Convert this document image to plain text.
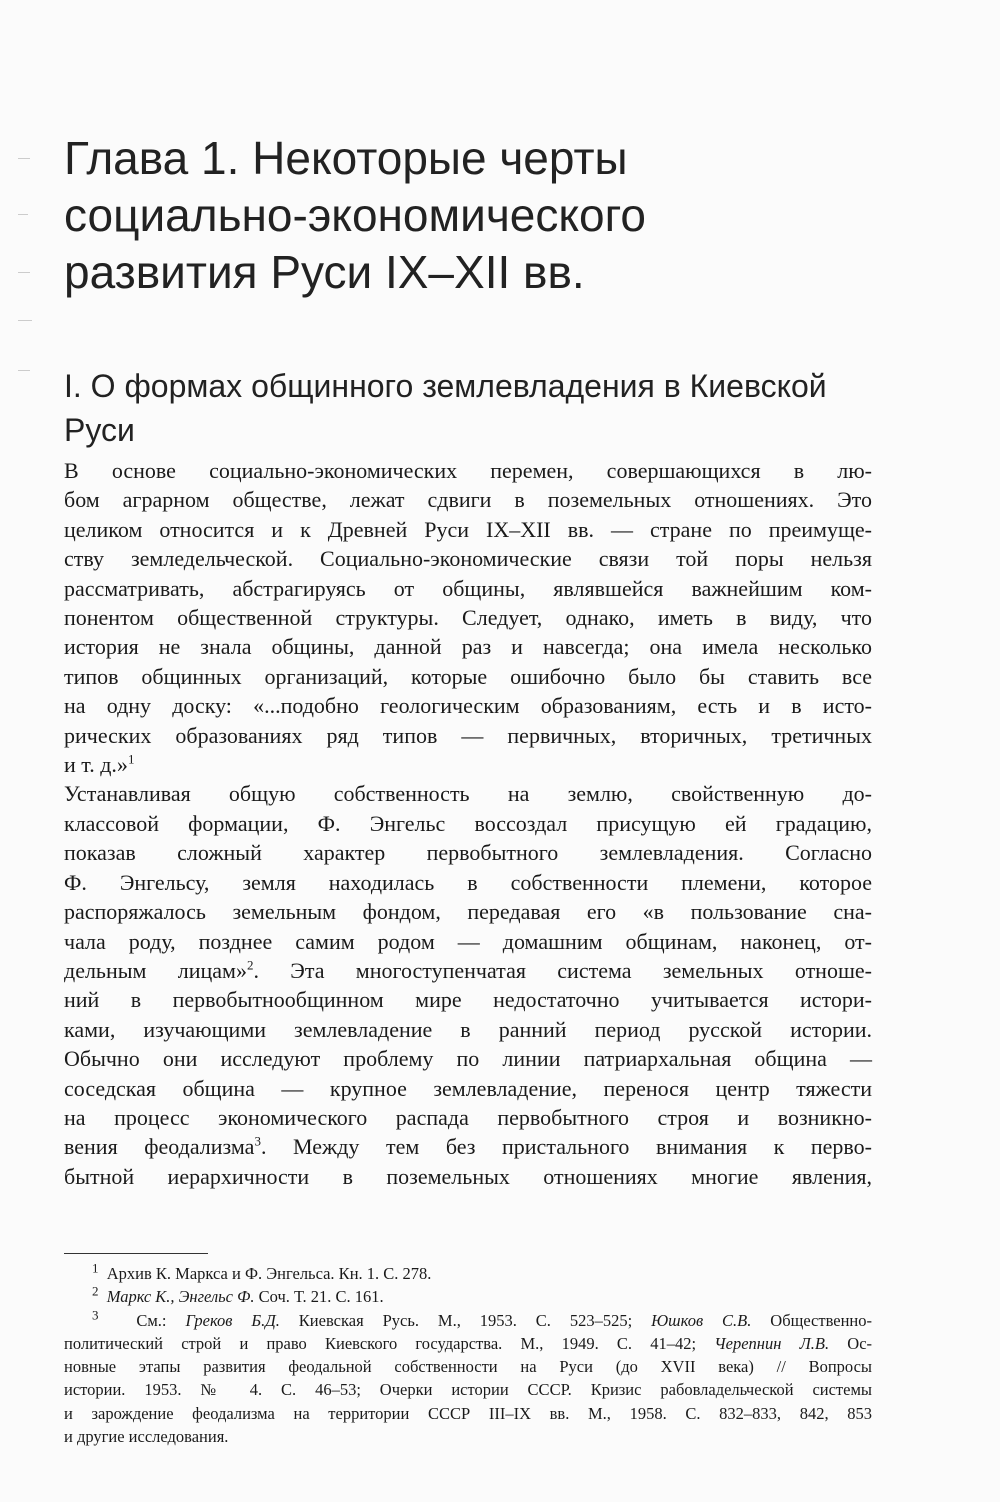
Глава 1. Некоторые черты
социально-экономического
развития Руси IX–XII вв.
I. О формах общинного землевладения в Киевской
Руси
В основе социально-экономических перемен, совершающихся в лю-
бом аграрном обществе, лежат сдвиги в поземельных отношениях. Это
целиком относится и к Древней Руси IX–XII вв. — стране по преимуще-
ству земледельческой. Социально-экономические связи той поры нельзя
рассматривать, абстрагируясь от общины, являвшейся важнейшим ком-
понентом общественной структуры. Следует, однако, иметь в виду, что
история не знала общины, данной раз и навсегда; она имела несколько
типов общинных организаций, которые ошибочно было бы ставить все
на одну доску: «...подобно геологическим образованиям, есть и в исто-
рических образованиях ряд типов — первичных, вторичных, третичных
и т. д.»$^1$
Устанавливая общую собственность на землю, свойственную до-
классовой формации, Ф. Энгельс воссоздал присущую ей градацию,
показав сложный характер первобытного землевладения. Согласно
Ф. Энгельсу, земля находилась в собственности племени, которое
распоряжалось земельным фондом, передавая его «в пользование сна-
чала роду, позднее самим родом — домашним общинам, наконец, от-
дельным лицам»$^2$. Эта многоступенчатая система земельных отноше-
ний в первобытнообщинном мире недостаточно учитывается истори-
ками, изучающими землевладение в ранний период русской истории.
Обычно они исследуют проблему по линии патриархальная община —
соседская община — крупное землевладение, перенося центр тяжести
на процесс экономического распада первобытного строя и возникно-
вения феодализма$^3$. Между тем без пристального внимания к перво-
бытной иерархичности в поземельных отношениях многие явления,
$^1$ Архив К. Маркса и Ф. Энгельса. Кн. 1. С. 278.
$^2$ Маркс К., Энгельс Ф. Соч. Т. 21. С. 161.
$^3$ См.: Греков Б.Д. Киевская Русь. М., 1953. С. 523–525; Юшков С.В. Общественно-
политический строй и право Киевского государства. М., 1949. С. 41–42; Черепнин Л.В. Ос-
новные этапы развития феодальной собственности на Руси (до XVII века) // Вопросы
истории. 1953. № 4. С. 46–53; Очерки истории СССР. Кризис рабовладельческой системы
и зарождение феодализма на территории СССР III–IX вв. М., 1958. С. 832–833, 842, 853
и другие исследования.
